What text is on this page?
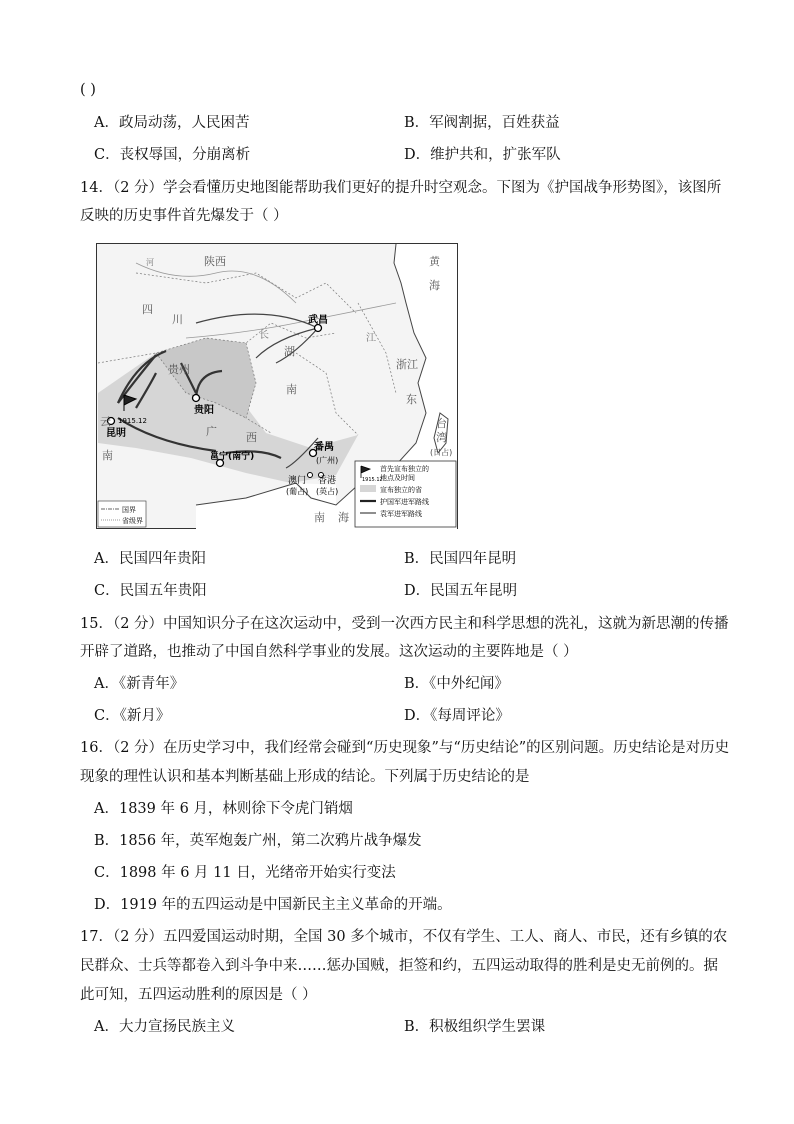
( )
A．政局动荡，人民困苦	B．军阀割据，百姓获益
C．丧权辱国，分崩离析	D．维护共和，扩张军队
14．（2 分）学会看懂历史地图能帮助我们更好的提升时空观念。下图为《护国战争形势图》，该图所
反映的历史事件首先爆发于（ ）
武昌
贵阳
昆明
1915.12
邕宁(南宁)
番禺
(广州)
澳门
(葡占)
香港
(英占)
陕西
四
川
贵州
湖
南
广	西
浙江
东
云
南
黄
海
南 海
台
湾
(日占)
长	江
河
1915.12
首先宣布独立的
地点及时间
宣布独立的省
护国军进军路线
袁军进军路线
国界
省级界
A．民国四年贵阳	B．民国四年昆明
C．民国五年贵阳	D．民国五年昆明
15．（2 分）中国知识分子在这次运动中，受到一次西方民主和科学思想的洗礼，这就为新思潮的传播
开辟了道路，也推动了中国自然科学事业的发展。这次运动的主要阵地是（ ）
A．《新青年》	B．《中外纪闻》
C．《新月》	D．《每周评论》
16．（2 分）在历史学习中，我们经常会碰到“历史现象”与“历史结论”的区别问题。历史结论是对历史
现象的理性认识和基本判断基础上形成的结论。下列属于历史结论的是
A．1839 年 6 月，林则徐下令虎门销烟
B．1856 年，英军炮轰广州，第二次鸦片战争爆发
C．1898 年 6 月 11 日，光绪帝开始实行变法
D．1919 年的五四运动是中国新民主主义革命的开端。
17．（2 分）五四爱国运动时期，全国 30 多个城市，不仅有学生、工人、商人、市民，还有乡镇的农
民群众、士兵等都卷入到斗争中来……惩办国贼，拒签和约，五四运动取得的胜利是史无前例的。据
此可知，五四运动胜利的原因是（ ）
A．大力宣扬民族主义	B．积极组织学生罢课
